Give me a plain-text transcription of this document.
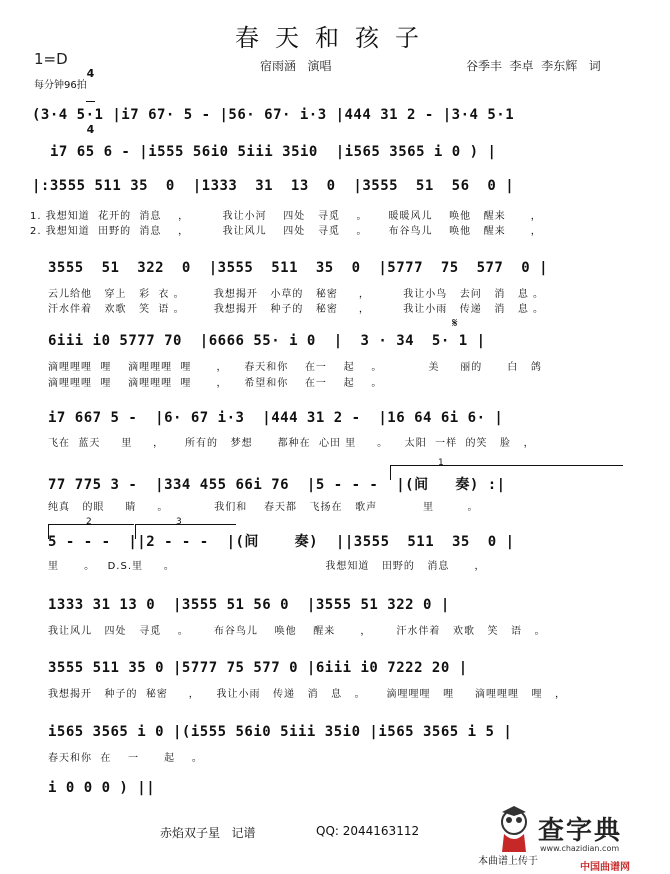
春天和孩子
1=D

4

4

每分钟96拍
宿雨涵   演唱	谷季丰  李卓  李东辉   词
(3·4 5·1 |i7 67· 5 - |56· 67· i·3 |444 31 2 - |3·4 5·1
i7 65 6 - |i555 56i0 5iii 35i0  |i565 3565 i 0 ) |
|:3555 511 35  0  |1333  31  13  0  |3555  51  56  0 |
1. 我想知道  花开的  消息    ，        我让小河    四处   寻觅    。     暖暖风儿    唤他   醒来      ，
2. 我想知道  田野的  消息    ，        我让风儿    四处   寻觅    。     布谷鸟儿    唤他   醒来      ，
3555  51  322  0  |3555  511  35  0  |5777  75  577  0 |
云儿给他   穿上   彩  衣 。       我想揭开   小草的   秘密     ，        我让小鸟   去问   消   息 。
汗水伴着   欢歌   笑  语 。       我想揭开   种子的   秘密     ，        我让小雨   传递   消   息 。
6iii i0 5777 70  |6666 55· i 0  |  3 · 34  5· 1 |
滴哩哩哩  哩    滴哩哩哩  哩      ，    春天和你    在一    起    。           美     丽的      白   鸽
滴哩哩哩  哩    滴哩哩哩  哩      ，    希望和你    在一    起    。
𝄋
i7 667 5 -  |6· 67 i·3  |444 31 2 -  |16 64 6i 6· |
飞在  蓝天     里     ，     所有的   梦想      都种在  心田 里     。    太阳  一样  的笑   脸   ，
77 775 3 -  |334 455 66i 76  |5 - - -  |(间   奏) :|
纯真   的眼     睛     。           我们和    春天都   飞扬在   歌声           里        。
1
5 - - -  ||2 - - -  |(间    奏)  ||3555  511  35  0 |
里      。   D.S.里     。                                    我想知道   田野的   消息      ，
2	3
1333 31 13 0  |3555 51 56 0  |3555 51 322 0 |
我让风儿   四处   寻觅    。      布谷鸟儿    唤他    醒来      ，      汗水伴着   欢歌   笑   语   。
3555 511 35 0 |5777 75 577 0 |6iii i0 7222 20 |
我想揭开   种子的  秘密     ，    我让小雨   传递   消   息   。     滴哩哩哩   哩     滴哩哩哩   哩   ，
i565 3565 i 0 |(i555 56i0 5iii 35i0 |i565 3565 i 5 |
春天和你  在    一      起    。
i 0 0 0 ) ||
赤焰双子星   记谱	QQ: 2044163112
本曲谱上传于
查字典
www.chazidian.com
中国曲谱网
